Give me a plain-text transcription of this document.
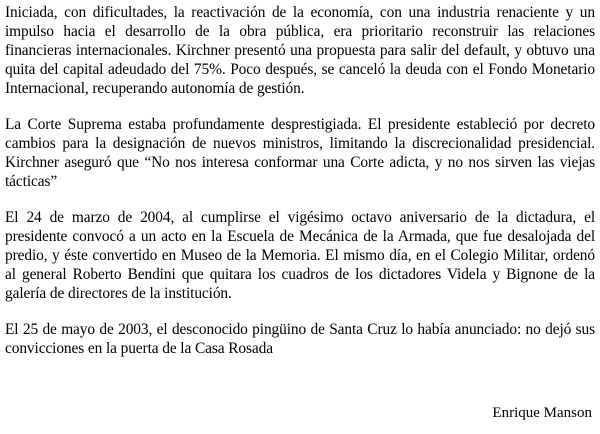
Iniciada, con dificultades, la reactivación de la economía, con una industria renaciente y un impulso hacia el desarrollo de la obra pública, era prioritario reconstruir las relaciones financieras internacionales. Kirchner presentó una propuesta para salir del default, y obtuvo una quita del capital adeudado del 75%. Poco después, se canceló la deuda con el Fondo Monetario Internacional, recuperando autonomía de gestión.

La Corte Suprema estaba profundamente desprestigiada. El presidente estableció por decreto cambios para la designación de nuevos ministros, limitando la discrecionalidad presidencial. Kirchner aseguró que “No nos interesa conformar una Corte adicta, y no nos sirven las viejas tácticas”

El 24 de marzo de 2004, al cumplirse el vigésimo octavo aniversario de la dictadura, el presidente convocó a un acto en la Escuela de Mecánica de la Armada, que fue desalojada del predio, y éste convertido en Museo de la Memoria. El mismo día, en el Colegio Militar, ordenó al general Roberto Bendini que quitara los cuadros de los dictadores Videla y Bignone de la galería de directores de la institución.

El 25 de mayo de 2003, el desconocido pingüino de Santa Cruz lo había anunciado: no dejó sus convicciones en la puerta de la Casa Rosada

Enrique Manson
